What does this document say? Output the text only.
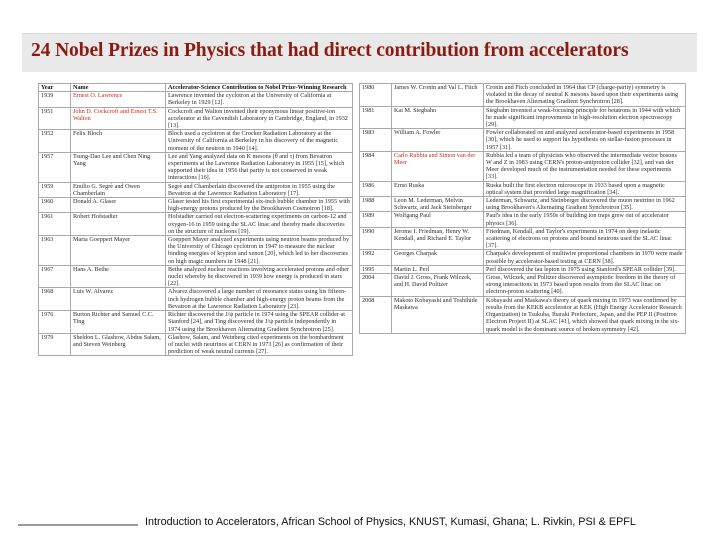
24 Nobel Prizes in Physics that had direct contribution from accelerators
Year	Name	Accelerator-Science Contribution to Nobel Prize-Winning Research
1939	Ernest O. Lawrence	Lawrence invented the cyclotron at the University of California at Berkeley in 1929 [12].
1951	John D. Cockcroft and Ernest T.S. Walton	Cockcroft and Walton invented their eponymous linear positive-ion accelerator at the Cavendish Laboratory in Cambridge, England, in 1932 [13].
1952	Felix Bloch	Bloch used a cyclotron at the Crocker Radiation Laboratory at the University of California at Berkeley in his discovery of the magnetic moment of the neutron in 1940 [14].
1957	Tsung-Dao Lee and Chen Ning Yang	Lee and Yang analyzed data on K mesons (θ and τ) from Bevatron experiments at the Lawrence Radiation Laboratory in 1955 [15], which supported their idea in 1956 that parity is not conserved in weak interactions [16].
1959	Emilio G. Segrè and Owen Chamberlain	Segrè and Chamberlain discovered the antiproton in 1955 using the Bevatron at the Lawrence Radiation Laboratory [17].
1960	Donald A. Glaser	Glaser tested his first experimental six-inch bubble chamber in 1955 with high-energy protons produced by the Brookhaven Cosmotron [18].
1961	Robert Hofstadter	Hofstadter carried out electron-scattering experiments on carbon-12 and oxygen-16 in 1959 using the SLAC linac and thereby made discoveries on the structure of nucleons [19].
1963	Maria Goeppert Mayer	Goeppert Mayer analyzed experiments using neutron beams produced by the University of Chicago cyclotron in 1947 to measure the nuclear binding energies of krypton and xenon [20], which led to her discoveries on high magic numbers in 1948 [21].
1967	Hans A. Bethe	Bethe analyzed nuclear reactions involving accelerated protons and other nuclei whereby he discovered in 1939 how energy is produced in stars [22].
1968	Luis W. Alvarez	Alvarez discovered a large number of resonance states using his fifteen-inch hydrogen bubble chamber and high-energy proton beams from the Bevatron at the Lawrence Radiation Laboratory [23].
1976	Burton Richter and Samuel C.C. Ting	Richter discovered the J/ψ particle in 1974 using the SPEAR collider at Stanford [24], and Ting discovered the J/ψ particle independently in 1974 using the Brookhaven Alternating Gradient Synchrotron [25].
1979	Sheldon L. Glashow, Abdus Salam, and Steven Weinberg	Glashow, Salam, and Weinberg cited experiments on the bombardment of nuclei with neutrinos at CERN in 1973 [26] as confirmation of their prediction of weak neutral currents [27].
1980	James W. Cronin and Val L. Fitch	Cronin and Fitch concluded in 1964 that CP (charge-parity) symmetry is violated in the decay of neutral K mesons based upon their experiments using the Brookhaven Alternating Gradient Synchrotron [28].
1981	Kai M. Siegbahn	Siegbahn invented a weak-focusing principle for betatrons in 1944 with which he made significant improvements in high-resolution electron spectroscopy [29].
1983	William A. Fowler	Fowler collaborated on and analyzed accelerator-based experiments in 1958 [30], which he used to support his hypothesis on stellar-fusion processes in 1957 [31].
1984	Carlo Rubbia and Simon van der Meer	Rubbia led a team of physicists who observed the intermediate vector bosons W and Z in 1983 using CERN's proton-antiproton collider [32], and van der Meer developed much of the instrumentation needed for these experiments [33].
1986	Ernst Ruska	Ruska built the first electron microscope in 1933 based upon a magnetic optical system that provided large magnification [34].
1988	Leon M. Lederman, Melvin Schwartz, and Jack Steinberger	Lederman, Schwartz, and Steinberger discovered the muon neutrino in 1962 using Brookhaven's Alternating Gradient Synchrotron [35].
1989	Wolfgang Paul	Paul's idea in the early 1950s of building ion traps grew out of accelerator physics [36].
1990	Jerome I. Friedman, Henry W. Kendall, and Richard E. Taylor	Friedman, Kendall, and Taylor's experiments in 1974 on deep inelastic scattering of electrons on protons and bound neutrons used the SLAC linac [37].
1992	Georges Charpak	Charpak's development of multiwire proportional chambers in 1970 were made possible by accelerator-based testing at CERN [38].
1995	Martin L. Perl	Perl discovered the tau lepton in 1975 using Stanford's SPEAR collider [39].
2004	David J. Gross, Frank Wilczek, and H. David Politzer	Gross, Wilczek, and Politzer discovered asymptotic freedom in the theory of strong interactions in 1973 based upon results from the SLAC linac on electron-proton scattering [40].
2008	Makoto Kobayashi and Toshihide Maskawa	Kobayashi and Maskawa's theory of quark mixing in 1973 was confirmed by results from the KEKB accelerator at KEK (High Energy Accelerator Research Organization) in Tsukuba, Ibaraki Prefecture, Japan, and the PEP II (Positron Electron Project II) at SLAC [41], which showed that quark mixing in the six-quark model is the dominant source of broken symmetry [42].
Introduction to Accelerators, African School of Physics, KNUST, Kumasi, Ghana; L. Rivkin, PSI & EPFL
